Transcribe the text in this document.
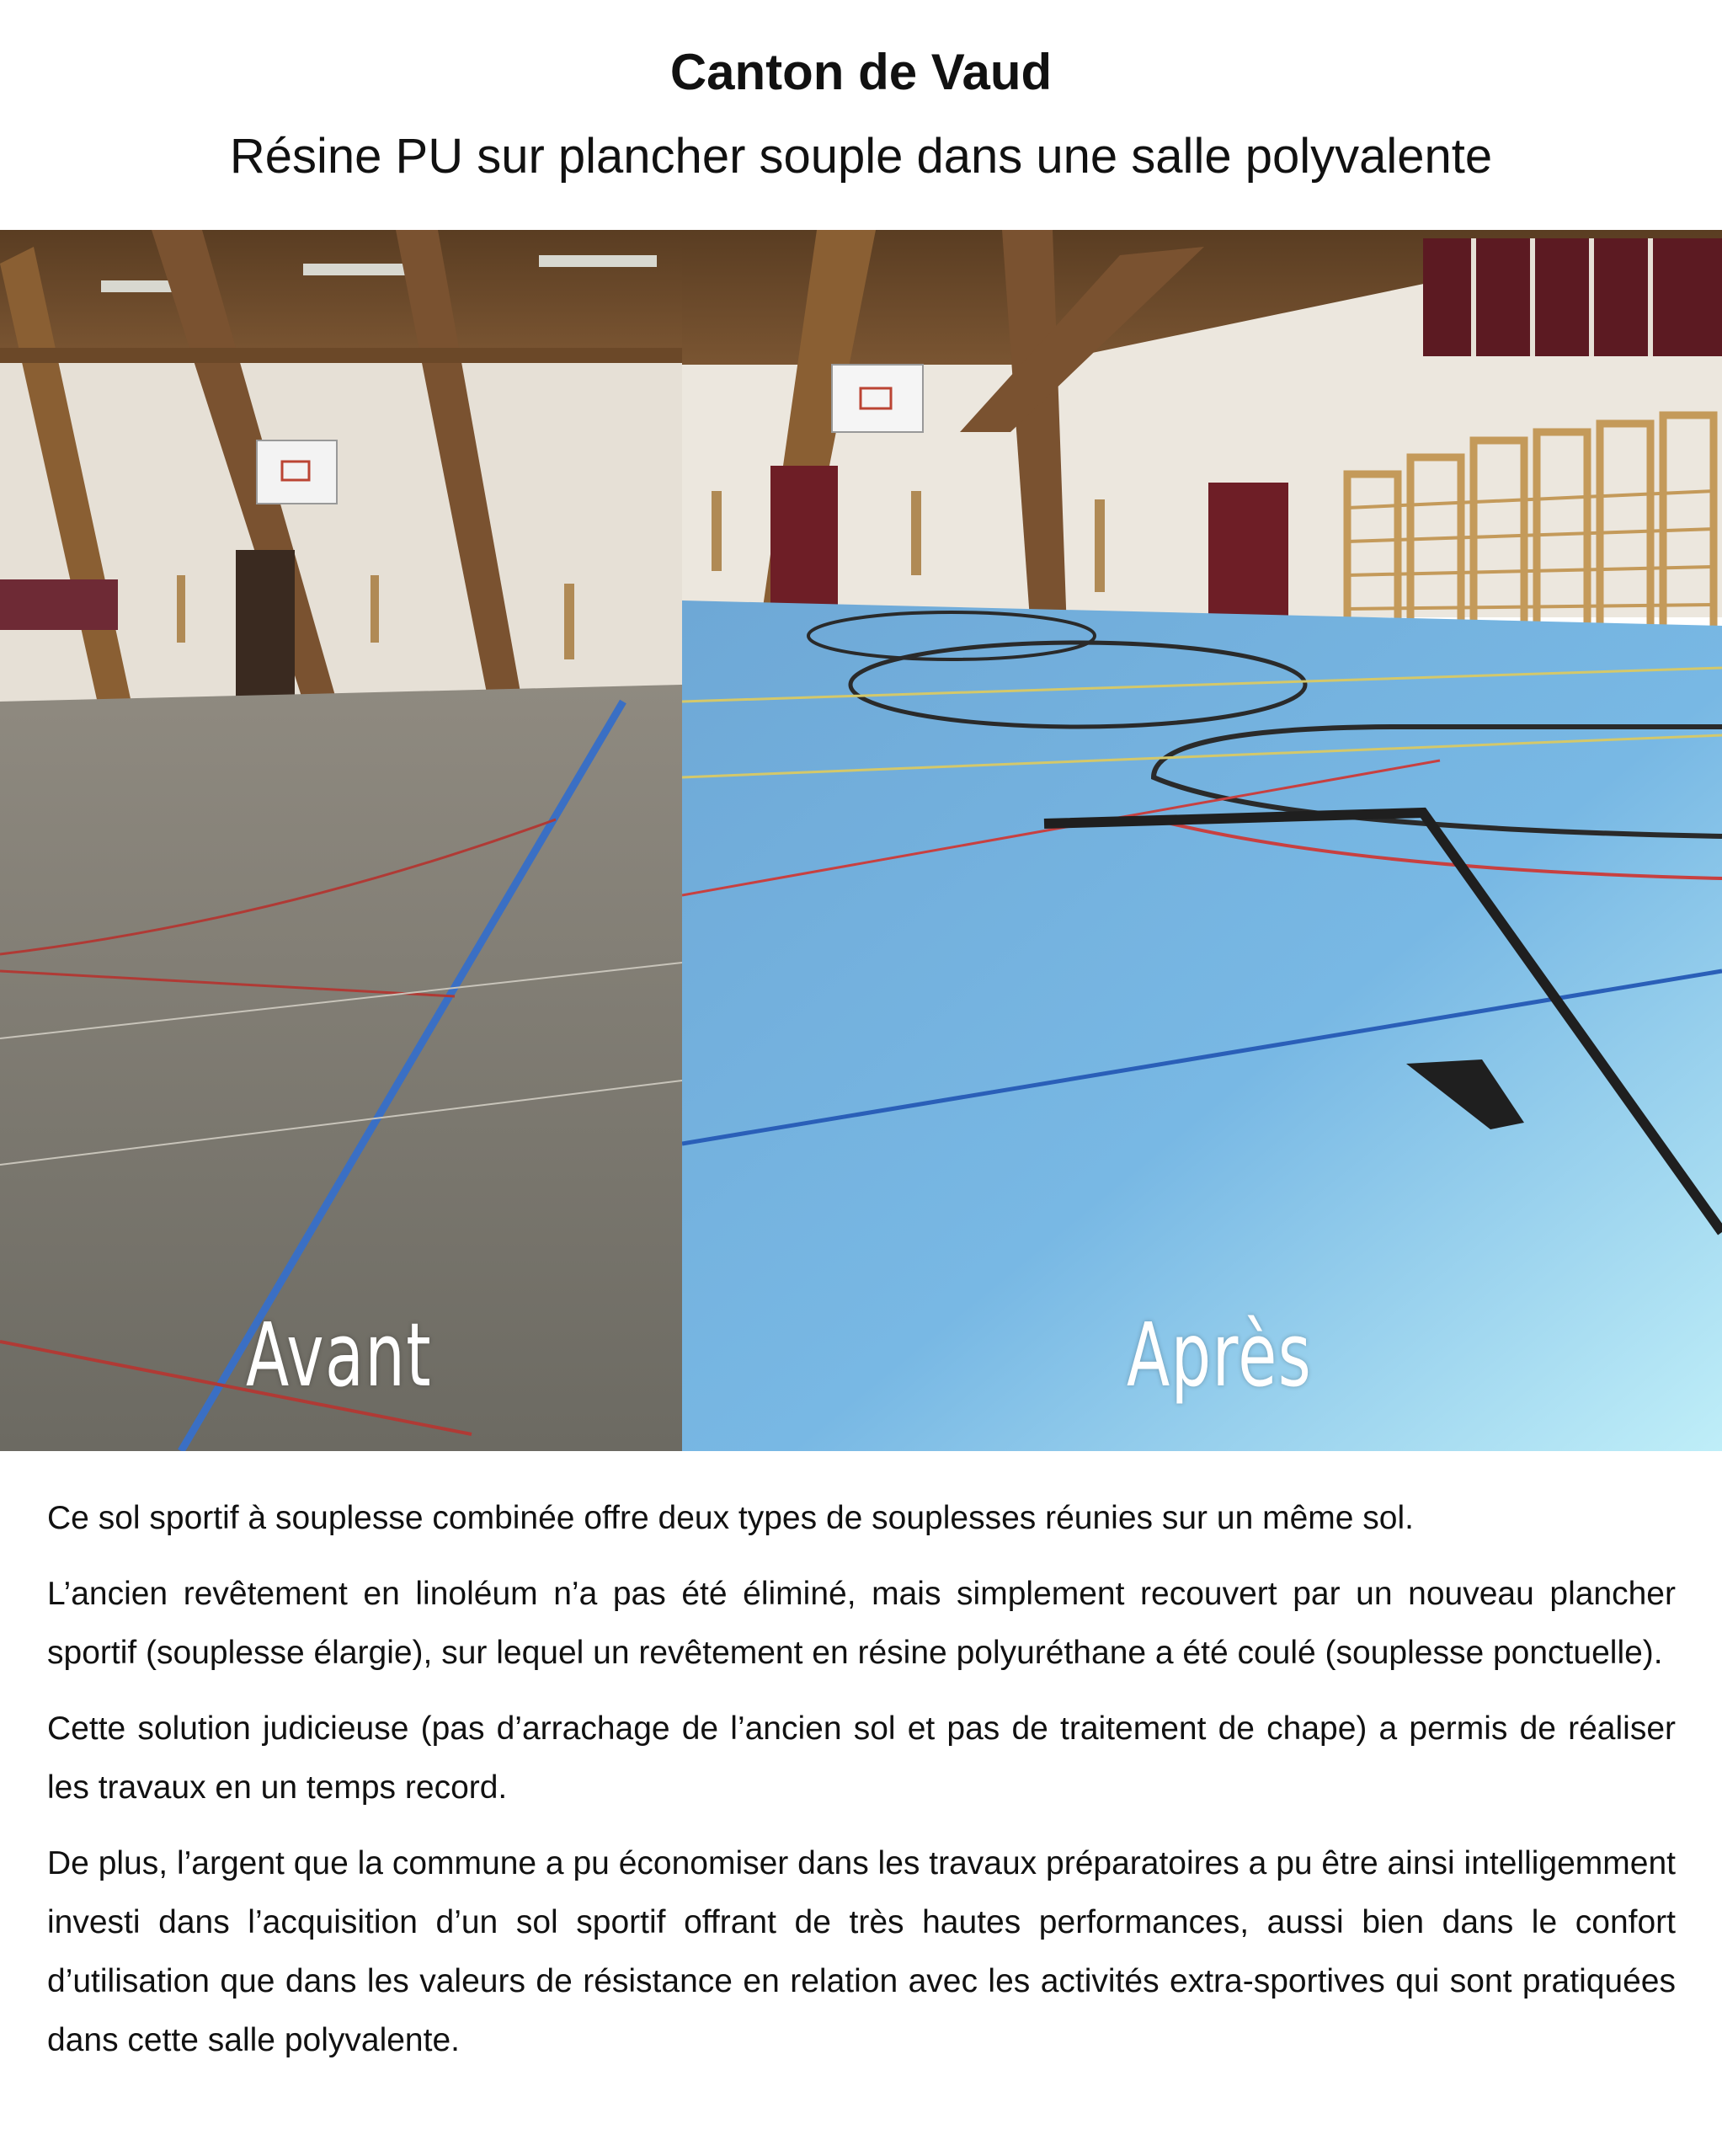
Canton de Vaud
Résine PU sur plancher souple dans une salle polyvalente
Avant	Après

Ce sol sportif à souplesse combinée offre deux types de souplesses réunies sur un même sol.

L’ancien revêtement en linoléum n’a pas été éliminé, mais simplement recouvert par un nouveau plancher sportif (souplesse élargie), sur lequel un revêtement en résine polyuréthane a été coulé (souplesse ponctuelle).

Cette solution judicieuse (pas d’arrachage de l’ancien sol et pas de traitement de chape) a permis de réaliser les travaux en un temps record.

De plus, l’argent que la commune a pu économiser dans les travaux préparatoires a pu être ainsi intelligemment investi dans l’acquisition d’un sol sportif offrant de très hautes performances, aussi bien dans le confort d’utilisation que dans les valeurs de résistance en relation avec les activités extra-sportives qui sont pratiquées dans cette salle polyvalente.
